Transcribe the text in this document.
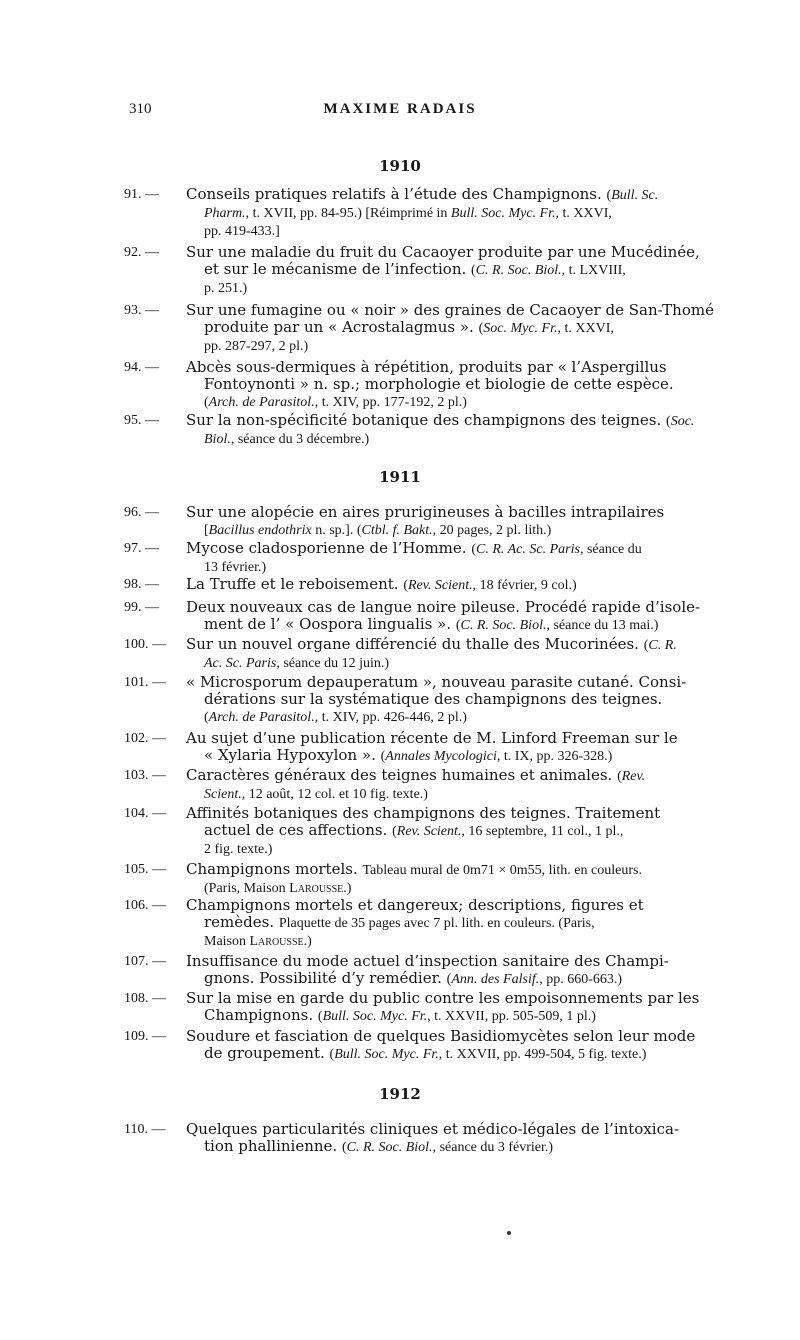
310	MAXIME RADAIS
1910
91. —	Conseils pratiques relatifs à l’étude des Champignons. (Bull. Sc.
Pharm., t. XVII, pp. 84-95.) [Réimprimé in Bull. Soc. Myc. Fr., t. XXVI,
pp. 419-433.]
92. —	Sur une maladie du fruit du Cacaoyer produite par une Mucédinée,
et sur le mécanisme de l’infection. (C. R. Soc. Biol., t. LXVIII,
p. 251.)
93. —	Sur une fumagine ou « noir » des graines de Cacaoyer de San-Thomé
produite par un « Acrostalagmus ». (Soc. Myc. Fr., t. XXVI,
pp. 287-297, 2 pl.)
94. —	Abcès sous-dermiques à répétition, produits par « l’Aspergillus
Fontoynonti » n. sp.; morphologie et biologie de cette espèce.
(Arch. de Parasitol., t. XIV, pp. 177-192, 2 pl.)
95. —	Sur la non-spécificité botanique des champignons des teignes. (Soc.
Biol., séance du 3 décembre.)
1911
96. —	Sur une alopécie en aires prurigineuses à bacilles intrapilaires
[Bacillus endothrix n. sp.]. (Ctbl. f. Bakt., 20 pages, 2 pl. lith.)
97. —	Mycose cladosporienne de l’Homme. (C. R. Ac. Sc. Paris, séance du
13 février.)
98. —	La Truffe et le reboisement. (Rev. Scient., 18 février, 9 col.)
99. —	Deux nouveaux cas de langue noire pileuse. Procédé rapide d’isole-
ment de l’ « Oospora lingualis ». (C. R. Soc. Biol., séance du 13 mai.)
100. —	Sur un nouvel organe différencié du thalle des Mucorinées. (C. R.
Ac. Sc. Paris, séance du 12 juin.)
101. —	« Microsporum depauperatum », nouveau parasite cutané. Consi-
dérations sur la systématique des champignons des teignes.
(Arch. de Parasitol., t. XIV, pp. 426-446, 2 pl.)
102. —	Au sujet d’une publication récente de M. Linford Freeman sur le
« Xylaria Hypoxylon ». (Annales Mycologici, t. IX, pp. 326-328.)
103. —	Caractères généraux des teignes humaines et animales. (Rev.
Scient., 12 août, 12 col. et 10 fig. texte.)
104. —	Affinités botaniques des champignons des teignes. Traitement
actuel de ces affections. (Rev. Scient., 16 septembre, 11 col., 1 pl.,
2 fig. texte.)
105. —	Champignons mortels. Tableau mural de 0m71 × 0m55, lith. en couleurs.
(Paris, Maison Larousse.)
106. —	Champignons mortels et dangereux; descriptions, figures et
remèdes. Plaquette de 35 pages avec 7 pl. lith. en couleurs. (Paris,
Maison Larousse.)
107. —	Insuffisance du mode actuel d’inspection sanitaire des Champi-
gnons. Possibilité d’y remédier. (Ann. des Falsif., pp. 660-663.)
108. —	Sur la mise en garde du public contre les empoisonnements par les
Champignons. (Bull. Soc. Myc. Fr., t. XXVII, pp. 505-509, 1 pl.)
109. —	Soudure et fasciation de quelques Basidiomycètes selon leur mode
de groupement. (Bull. Soc. Myc. Fr., t. XXVII, pp. 499-504, 5 fig. texte.)
1912
110. —	Quelques particularités cliniques et médico-légales de l’intoxica-
tion phallinienne. (C. R. Soc. Biol., séance du 3 février.)
